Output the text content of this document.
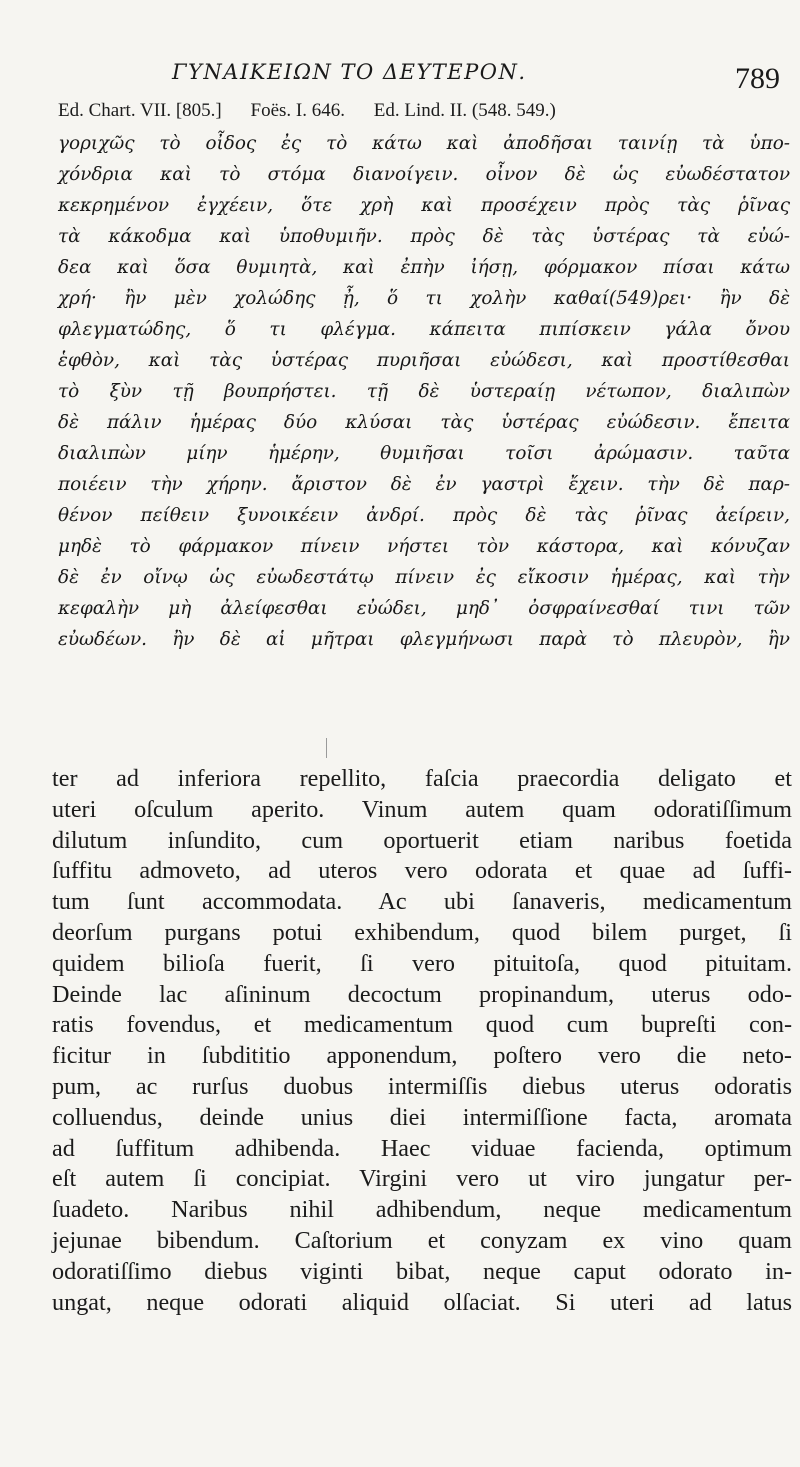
ΓΥΝΑΙΚΕΙΩΝ ΤΟ ΔΕΥΤΕΡΟΝ.	789
Ed. Chart. VII. [805.] Foës. I. 646. Ed. Lind. II. (548. 549.)
γοριχῶς τὸ οἶδος ἐς τὸ κάτω καὶ ἀποδῆσαι ταινίῃ τὰ ὑπο-
χόνδρια καὶ τὸ στόμα διανοίγειν. οἶνον δὲ ὡς εὐωδέστατον
κεκρημένον ἐγχέειν, ὅτε χρὴ καὶ προσέχειν πρὸς τὰς ῥῖνας
τὰ κάκοδμα καὶ ὑποθυμιῆν. πρὸς δὲ τὰς ὑστέρας τὰ εὐώ-
δεα καὶ ὅσα θυμιητὰ, καὶ ἐπὴν ἰήσῃ, φόρμακον πίσαι κάτω
χρή· ἢν μὲν χολώδης ᾖ, ὅ τι χολὴν καθαί(549)ρει· ἢν δὲ
φλεγματώδης, ὅ τι φλέγμα. κάπειτα πιπίσκειν γάλα ὄνου
ἑφθὸν, καὶ τὰς ὑστέρας πυριῆσαι εὐώδεσι, καὶ προστίθεσθαι
τὸ ξὺν τῇ βουπρήστει. τῇ δὲ ὑστεραίῃ νέτωπον, διαλιπὼν
δὲ πάλιν ἡμέρας δύο κλύσαι τὰς ὑστέρας εὐώδεσιν. ἔπειτα
διαλιπὼν μίην ἡμέρην, θυμιῆσαι τοῖσι ἀρώμασιν. ταῦτα
ποιέειν τὴν χήρην. ἄριστον δὲ ἐν γαστρὶ ἔχειν. τὴν δὲ παρ-
θένον πείθειν ξυνοικέειν ἀνδρί. πρὸς δὲ τὰς ῥῖνας ἀείρειν,
μηδὲ τὸ φάρμακον πίνειν νήστει τὸν κάστορα, καὶ κόνυζαν
δὲ ἐν οἴνῳ ὡς εὐωδεστάτῳ πίνειν ἐς εἴκοσιν ἡμέρας, καὶ τὴν
κεφαλὴν μὴ ἀλείφεσθαι εὐώδει, μηδ᾽ ὀσφραίνεσθαί τινι τῶν
εὐωδέων. ἢν δὲ αἱ μῆτραι φλεγμήνωσι παρὰ τὸ πλευρὸν, ἢν
ter ad inferiora repellito, faſcia praecordia deligato et
uteri oſculum aperito. Vinum autem quam odoratiſſimum
dilutum inſundito, cum oportuerit etiam naribus foetida
ſuffitu admoveto, ad uteros vero odorata et quae ad ſuffi-
tum ſunt accommodata. Ac ubi ſanaveris, medicamentum
deorſum purgans potui exhibendum, quod bilem purget, ſi
quidem bilioſa fuerit, ſi vero pituitoſa, quod pituitam.
Deinde lac aſininum decoctum propinandum, uterus odo-
ratis fovendus, et medicamentum quod cum bupreſti con-
ficitur in ſubdititio apponendum, poſtero vero die neto-
pum, ac rurſus duobus intermiſſis diebus uterus odoratis
colluendus, deinde unius diei intermiſſione facta, aromata
ad ſuffitum adhibenda. Haec viduae facienda, optimum
eſt autem ſi concipiat. Virgini vero ut viro jungatur per-
ſuadeto. Naribus nihil adhibendum, neque medicamentum
jejunae bibendum. Caſtorium et conyzam ex vino quam
odoratiſſimo diebus viginti bibat, neque caput odorato in-
ungat, neque odorati aliquid olſaciat. Si uteri ad latus
